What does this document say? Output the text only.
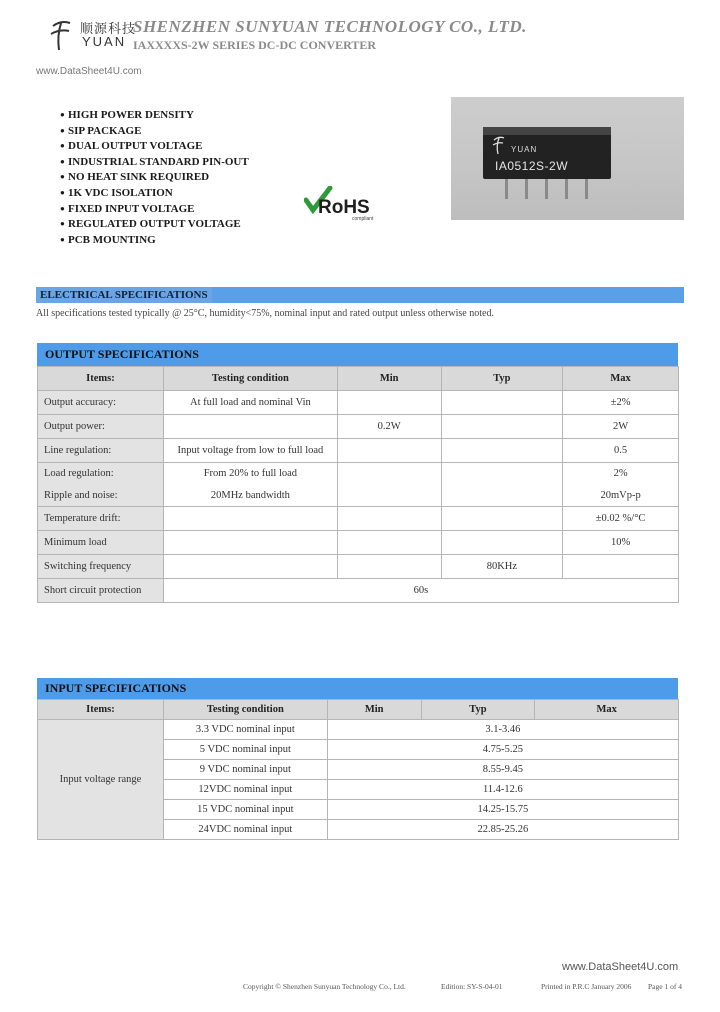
顺源科技
YUAN
SHENZHEN SUNYUAN TECHNOLOGY CO., LTD.
IAXXXXS-2W SERIES DC-DC CONVERTER
www.DataSheet4U.com
● HIGH POWER DENSITY
● SIP PACKAGE
● DUAL OUTPUT VOLTAGE
● INDUSTRIAL STANDARD PIN-OUT
● NO HEAT SINK REQUIRED
● 1K VDC ISOLATION
● FIXED INPUT VOLTAGE
● REGULATED OUTPUT VOLTAGE
● PCB MOUNTING
RoHS
compliant
YUAN
IA0512S-2W
ELECTRICAL SPECIFICATIONS
All specifications tested typically @ 25°C, humidity<75%, nominal input and rated output unless otherwise noted.
OUTPUT SPECIFICATIONS
Items:	Testing condition	Min	Typ	Max
Output accuracy:	At full load and nominal Vin			±2%
Output power:		0.2W		2W
Line regulation:	Input voltage from low to full load			0.5
Load regulation:	From 20% to full load			2%
Ripple and noise:	20MHz bandwidth			20mVp-p
Temperature drift:				±0.02 %/°C
Minimum load				10%
Switching frequency			80KHz	
Short circuit protection	60s			
INPUT SPECIFICATIONS
Items:	Testing condition	Min	Typ	Max
Input voltage range	3.3 VDC nominal input	3.1-3.46		
	5 VDC nominal input	4.75-5.25		
	9 VDC nominal input	8.55-9.45		
	12VDC nominal input	11.4-12.6		
	15 VDC nominal input	14.25-15.75		
	24VDC nominal input	22.85-25.26		
www.DataSheet4U.com
Copyright © Shenzhen Sunyuan Technology Co., Ltd.	Edition: SY-S-04-01	Printed in P.R.C January 2006 Page 1 of 4
